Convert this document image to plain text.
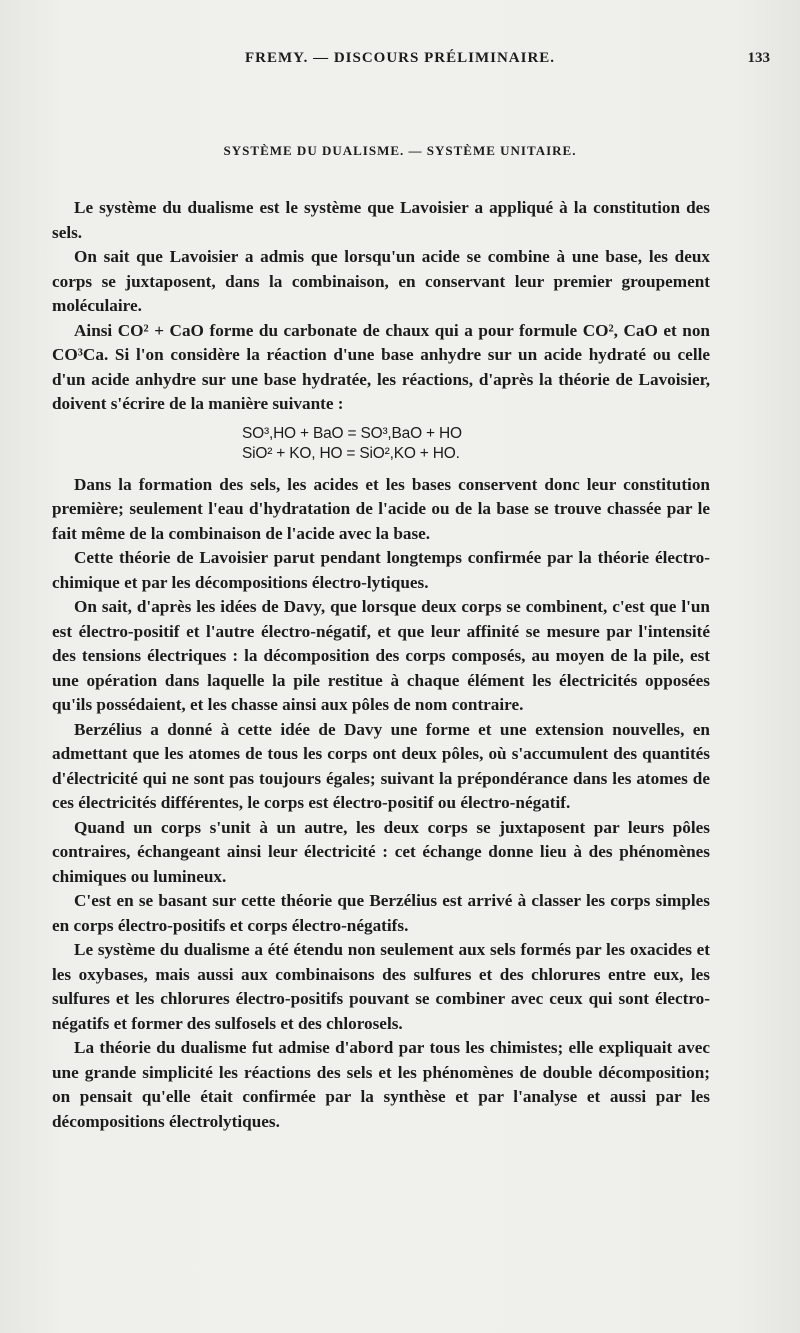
FREMY. — DISCOURS PRÉLIMINAIRE.	133
SYSTÈME DU DUALISME. — SYSTÈME UNITAIRE.

Le système du dualisme est le système que Lavoisier a appliqué à la constitution des sels.

On sait que Lavoisier a admis que lorsqu'un acide se combine à une base, les deux corps se juxtaposent, dans la combinaison, en conservant leur premier groupement moléculaire.

Ainsi CO² + CaO forme du carbonate de chaux qui a pour formule CO², CaO et non CO³Ca. Si l'on considère la réaction d'une base anhydre sur un acide hydraté ou celle d'un acide anhydre sur une base hydratée, les réactions, d'après la théorie de Lavoisier, doivent s'écrire de la manière suivante :

SO³,HO + BaO = SO³,BaO + HO
SiO² + KO, HO = SiO²,KO + HO.

Dans la formation des sels, les acides et les bases conservent donc leur constitution première; seulement l'eau d'hydratation de l'acide ou de la base se trouve chassée par le fait même de la combinaison de l'acide avec la base.

Cette théorie de Lavoisier parut pendant longtemps confirmée par la théorie électro-chimique et par les décompositions électro-lytiques.

On sait, d'après les idées de Davy, que lorsque deux corps se combinent, c'est que l'un est électro-positif et l'autre électro-négatif, et que leur affinité se mesure par l'intensité des tensions électriques : la décomposition des corps composés, au moyen de la pile, est une opération dans laquelle la pile restitue à chaque élément les électricités opposées qu'ils possédaient, et les chasse ainsi aux pôles de nom contraire.

Berzélius a donné à cette idée de Davy une forme et une extension nouvelles, en admettant que les atomes de tous les corps ont deux pôles, où s'accumulent des quantités d'électricité qui ne sont pas toujours égales; suivant la prépondérance dans les atomes de ces électricités différentes, le corps est électro-positif ou électro-négatif.

Quand un corps s'unit à un autre, les deux corps se juxtaposent par leurs pôles contraires, échangeant ainsi leur électricité : cet échange donne lieu à des phénomènes chimiques ou lumineux.

C'est en se basant sur cette théorie que Berzélius est arrivé à classer les corps simples en corps électro-positifs et corps électro-négatifs.

Le système du dualisme a été étendu non seulement aux sels formés par les oxacides et les oxybases, mais aussi aux combinaisons des sulfures et des chlorures entre eux, les sulfures et les chlorures électro-positifs pouvant se combiner avec ceux qui sont électro-négatifs et former des sulfosels et des chlorosels.

La théorie du dualisme fut admise d'abord par tous les chimistes; elle expliquait avec une grande simplicité les réactions des sels et les phénomènes de double décomposition; on pensait qu'elle était confirmée par la synthèse et par l'analyse et aussi par les décompositions électrolytiques.
